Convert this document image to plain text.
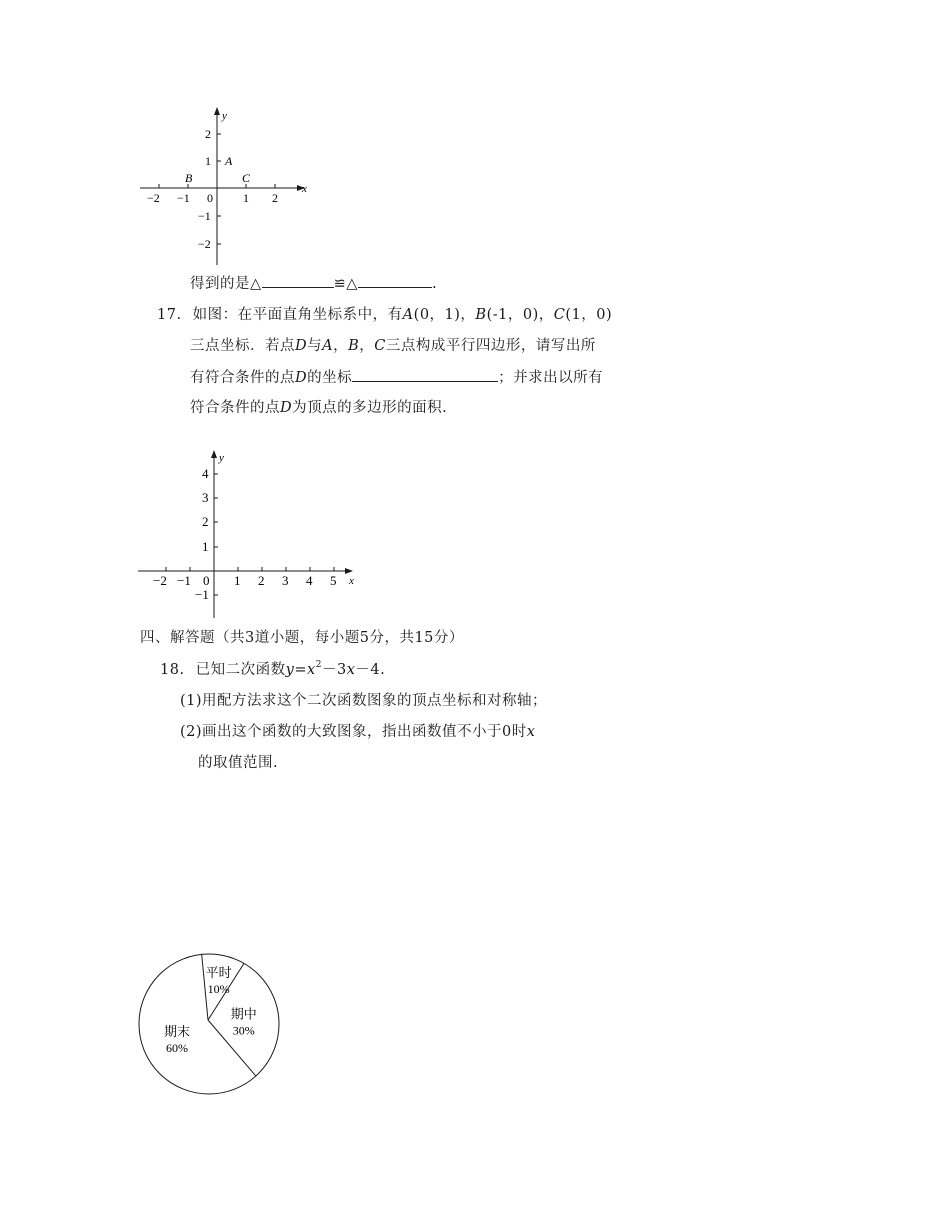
y
x
−2 −1 0	1 2
2
1
−1
−2
A
B	C
得到的是△	≌△	.
17. 如图：在平面直角坐标系中，有A(0，1)，B(-1，0)，C(1，0)
三点坐标．若点D与A，B，C三点构成平行四边形，请写出所
有符合条件的点D的坐标	；并求出以所有
符合条件的点D为顶点的多边形的面积.
y
x
−2 −1 0 1 2 3 4 5
4
3
2
1
−1
四、解答题（共3道小题，每小题5分，共15分）
18. 已知二次函数$y=x^2-3x-4$.
(1)用配方法求这个二次函数图象的顶点坐标和对称轴；
(2)画出这个函数的大致图象，指出函数值不小于0时x
的取值范围.
平时
10%
期中
30%
期末
60%
